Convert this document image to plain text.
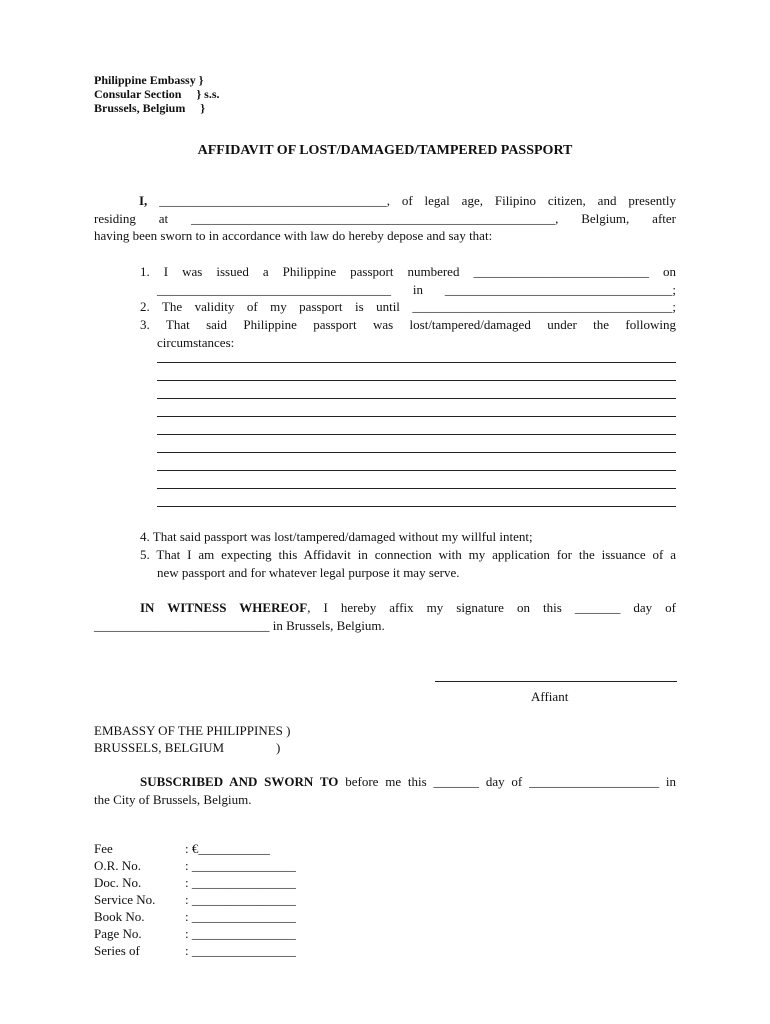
Philippine Embassy }
Consular Section     } s.s.
Brussels, Belgium     }
AFFIDAVIT OF LOST/DAMAGED/TAMPERED PASSPORT
I, ___________________________________, of legal age, Filipino citizen, and presently
residing at ________________________________________________________, Belgium, after
having been sworn to in accordance with law do hereby depose and say that:
1. I was issued a Philippine passport numbered ___________________________ on
____________________________________ in ___________________________________;
2. The validity of my passport is until ________________________________________;
3. That said Philippine passport was lost/tampered/damaged under the following
circumstances:
4. That said passport was lost/tampered/damaged without my willful intent;
5. That I am expecting this Affidavit in connection with my application for the issuance of a
new passport and for whatever legal purpose it may serve.
IN WITNESS WHEREOF, I hereby affix my signature on this _______ day of
___________________________ in Brussels, Belgium.
Affiant
EMBASSY OF THE PHILIPPINES )
BRUSSELS, BELGIUM                )
SUBSCRIBED AND SWORN TO before me this _______ day of ____________________ in
the City of Brussels, Belgium.
Fee	: €___________
O.R. No.	: ________________
Doc. No.	: ________________
Service No. : ________________
Book No.	: ________________
Page No.	: ________________
Series of	: ________________
